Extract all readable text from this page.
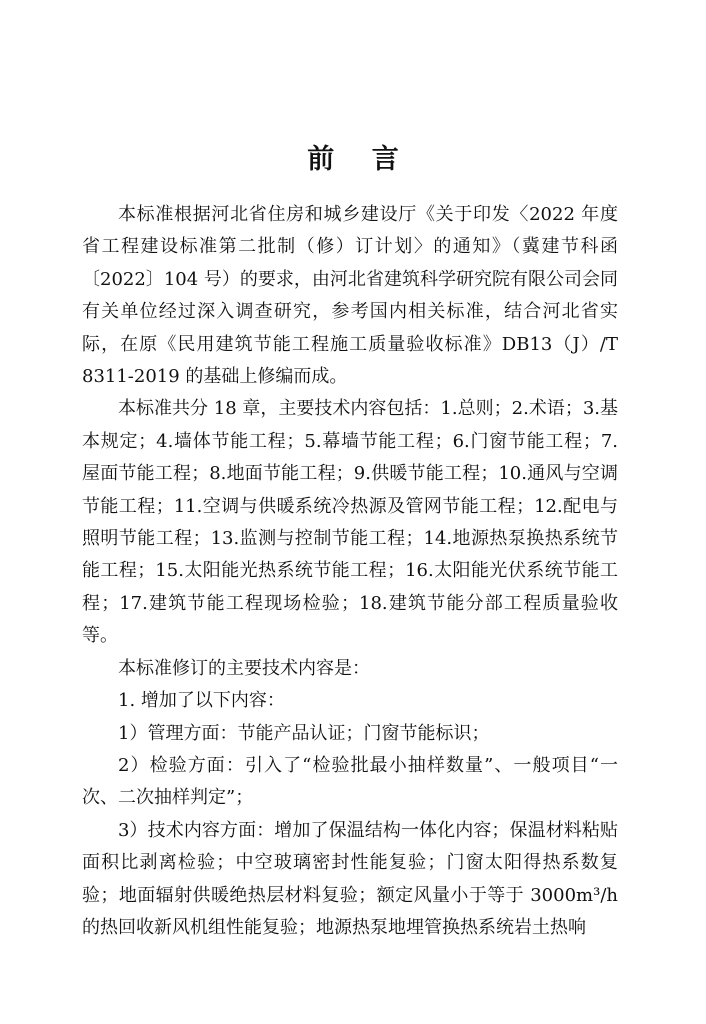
前    言

本标准根据河北省住房和城乡建设厅《关于印发〈2022 年度省工程建设标准第二批制（修）订计划〉的通知》（冀建节科函〔2022〕104 号）的要求，由河北省建筑科学研究院有限公司会同有关单位经过深入调查研究，参考国内相关标准，结合河北省实际，在原《民用建筑节能工程施工质量验收标准》DB13（J）/T 8311-2019 的基础上修编而成。

本标准共分 18 章，主要技术内容包括：1.总则；2.术语；3.基本规定；4.墙体节能工程；5.幕墙节能工程；6.门窗节能工程；7.屋面节能工程；8.地面节能工程；9.供暖节能工程；10.通风与空调节能工程；11.空调与供暖系统冷热源及管网节能工程；12.配电与照明节能工程；13.监测与控制节能工程；14.地源热泵换热系统节能工程；15.太阳能光热系统节能工程；16.太阳能光伏系统节能工程；17.建筑节能工程现场检验；18.建筑节能分部工程质量验收等。

本标准修订的主要技术内容是：

1. 增加了以下内容：

1）管理方面：节能产品认证；门窗节能标识；

2）检验方面：引入了“检验批最小抽样数量”、一般项目“一次、二次抽样判定”；

3）技术内容方面：增加了保温结构一体化内容；保温材料粘贴面积比剥离检验；中空玻璃密封性能复验；门窗太阳得热系数复验；地面辐射供暖绝热层材料复验；额定风量小于等于 3000m³/h 的热回收新风机组性能复验；地源热泵地埋管换热系统岩土热响
